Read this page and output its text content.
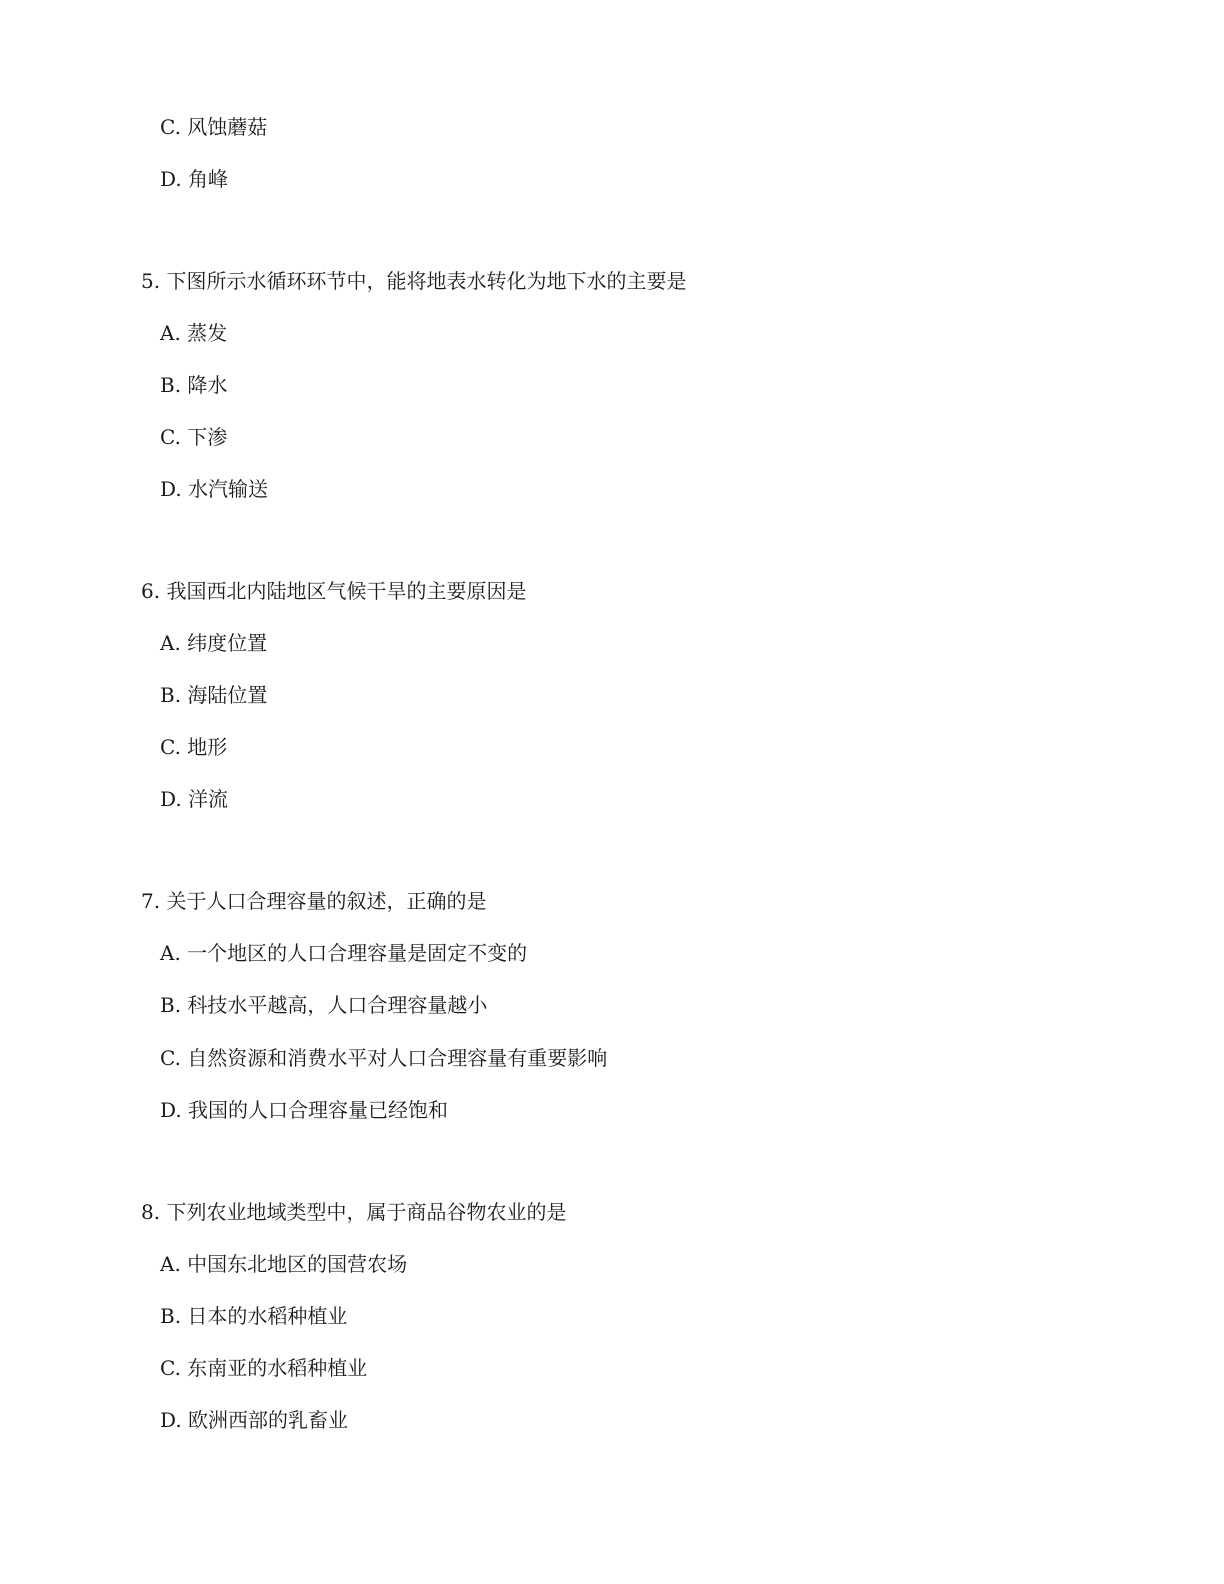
C. 风蚀蘑菇
D. 角峰
5. 下图所示水循环环节中，能将地表水转化为地下水的主要是
A. 蒸发
B. 降水
C. 下渗
D. 水汽输送
6. 我国西北内陆地区气候干旱的主要原因是
A. 纬度位置
B. 海陆位置
C. 地形
D. 洋流
7. 关于人口合理容量的叙述，正确的是
A. 一个地区的人口合理容量是固定不变的
B. 科技水平越高，人口合理容量越小
C. 自然资源和消费水平对人口合理容量有重要影响
D. 我国的人口合理容量已经饱和
8. 下列农业地域类型中，属于商品谷物农业的是
A. 中国东北地区的国营农场
B. 日本的水稻种植业
C. 东南亚的水稻种植业
D. 欧洲西部的乳畜业
